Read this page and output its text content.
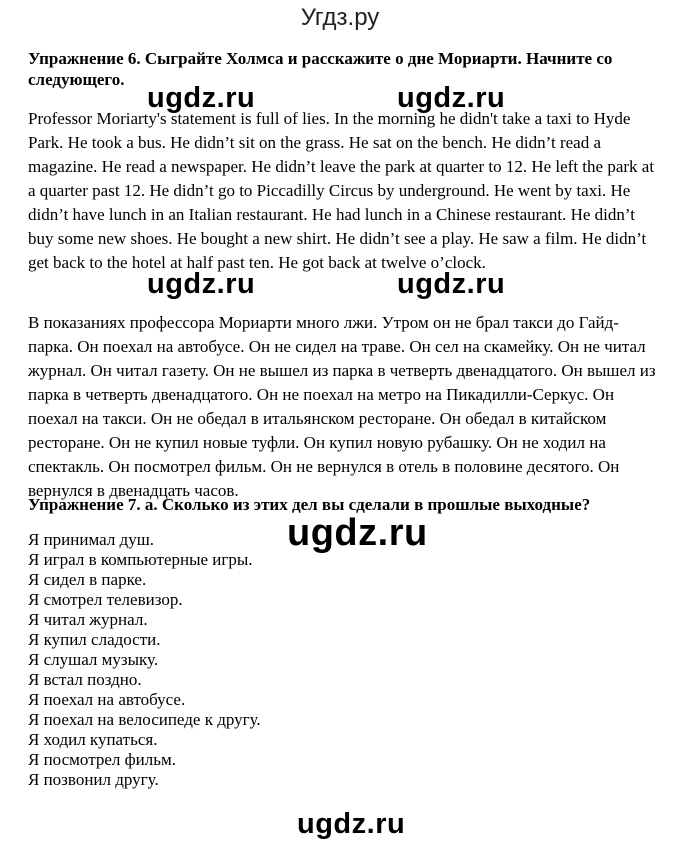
Угдз.ру
Упражнение 6. Сыграйте Холмса и расскажите о дне Мориарти. Начните со следующего.

Professor Moriarty's statement is full of lies. In the morning he didn't take a taxi to Hyde Park. He took a bus. He didn’t sit on the grass. He sat on the bench. He didn’t read a magazine. He read a newspaper. He didn’t leave the park at quarter to 12. He left the park at a quarter past 12. He didn’t go to Piccadilly Circus by underground. He went by taxi. He didn’t have lunch in an Italian restaurant. He had lunch in a Chinese restaurant. He didn’t buy some new shoes. He bought a new shirt. He didn’t see a play. He saw a film. He didn’t get back to the hotel at half past ten. He got back at twelve o’clock.

В показаниях профессора Мориарти много лжи. Утром он не брал такси до Гайд-парка. Он поехал на автобусе. Он не сидел на траве. Он сел на скамейку. Он не читал журнал. Он читал газету. Он не вышел из парка в четверть двенадцатого. Он вышел из парка в четверть двенадцатого. Он не поехал на метро на Пикадилли-Серкус. Он поехал на такси. Он не обедал в итальянском ресторане. Он обедал в китайском ресторане. Он не купил новые туфли. Он купил новую рубашку. Он не ходил на спектакль. Он посмотрел фильм. Он не вернулся в отель в половине десятого. Он вернулся в двенадцать часов.

Упражнение 7. а. Сколько из этих дел вы сделали в прошлые выходные?
Я принимал душ.
Я играл в компьютерные игры.
Я сидел в парке.
Я смотрел телевизор.
Я читал журнал.
Я купил сладости.
Я слушал музыку.
Я встал поздно.
Я поехал на автобусе.
Я поехал на велосипеде к другу.
Я ходил купаться.
Я посмотрел фильм.
Я позвонил другу.
ugdz.ru	ugdz.ru
ugdz.ru	ugdz.ru
ugdz.ru
ugdz.ru
